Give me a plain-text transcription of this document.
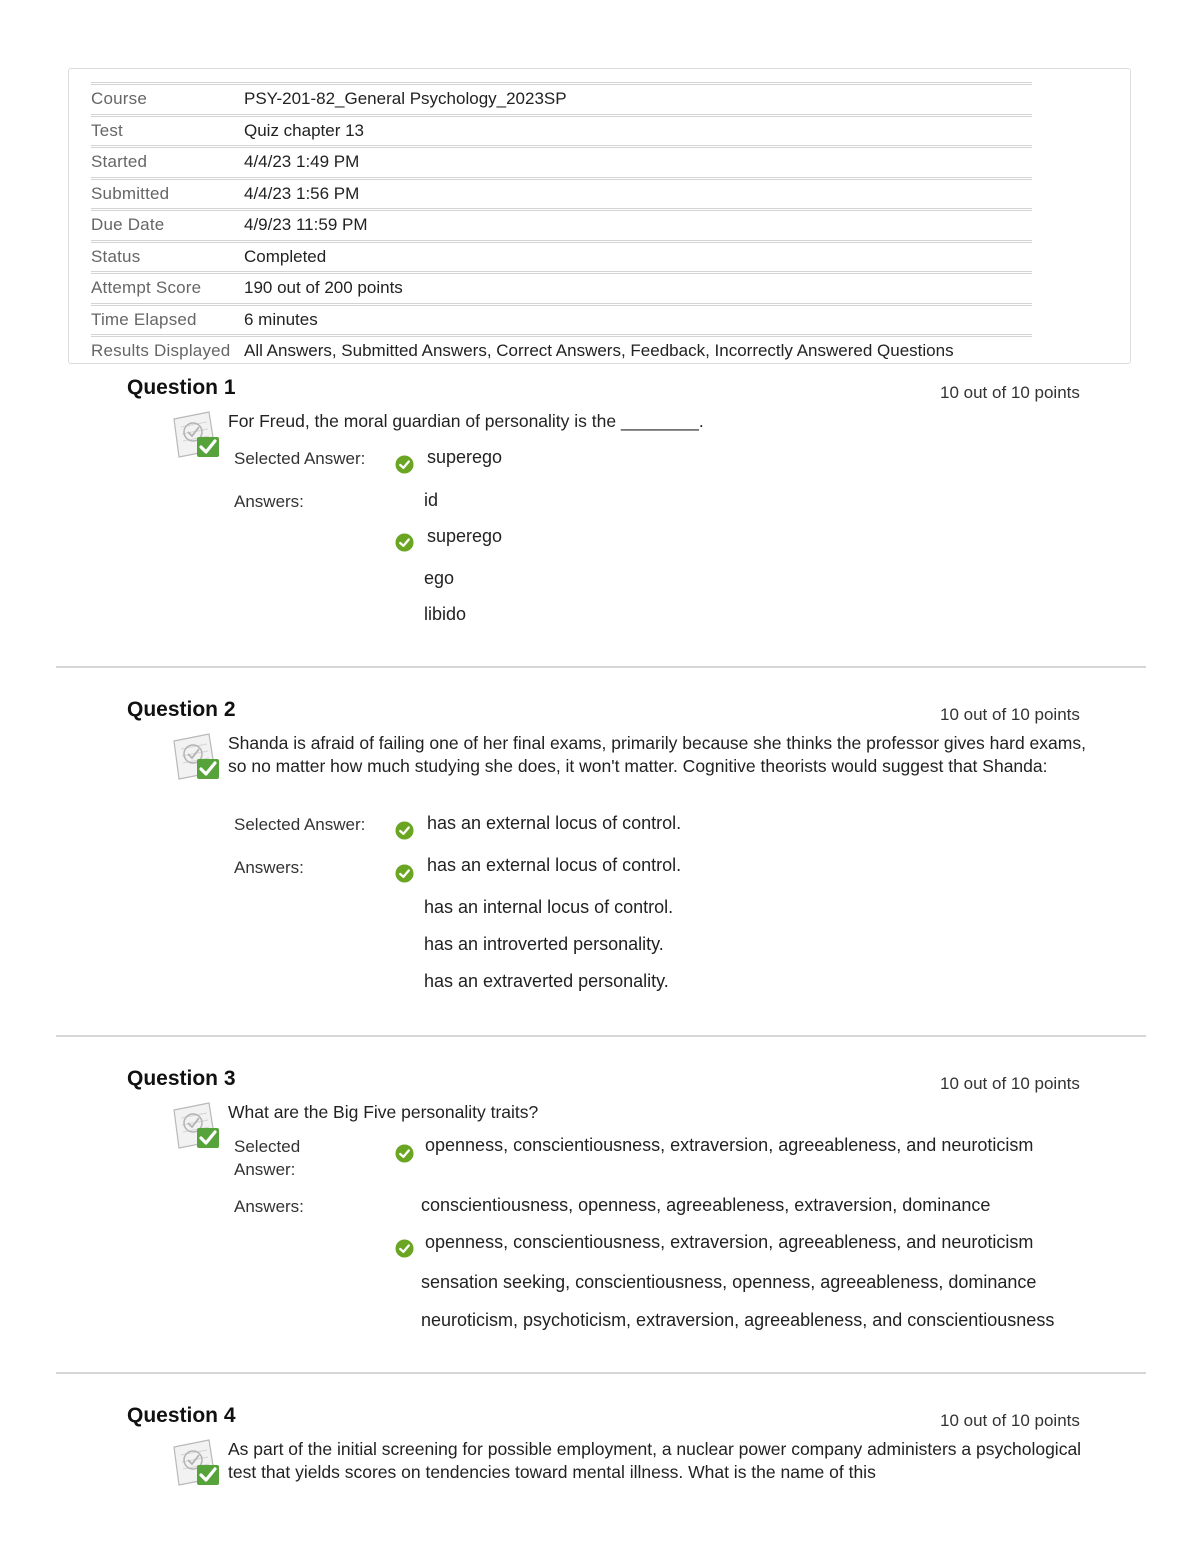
Course	PSY-201-82_General Psychology_2023SP
Test	Quiz chapter 13
Started	4/4/23 1:49 PM
Submitted	4/4/23 1:56 PM
Due Date	4/9/23 11:59 PM
Status	Completed
Attempt Score	190 out of 200 points
Time Elapsed	6 minutes
Results Displayed	All Answers, Submitted Answers, Correct Answers, Feedback, Incorrectly Answered Questions
Question 1	10 out of 10 points
For Freud, the moral guardian of personality is the ________.
Selected Answer:	superego
Answers:	id
superego
ego
libido
Question 2	10 out of 10 points
Shanda is afraid of failing one of her final exams, primarily because she thinks the professor gives hard exams, so no matter how much studying she does, it won't matter. Cognitive theorists would suggest that Shanda:
Selected Answer:	has an external locus of control.
Answers:	has an external locus of control.
has an internal locus of control.
has an introverted personality.
has an extraverted personality.
Question 3	10 out of 10 points
What are the Big Five personality traits?
Selected
Answer:
openness, conscientiousness, extraversion, agreeableness, and neuroticism
Answers:	conscientiousness, openness, agreeableness, extraversion, dominance
openness, conscientiousness, extraversion, agreeableness, and neuroticism
sensation seeking, conscientiousness, openness, agreeableness, dominance
neuroticism, psychoticism, extraversion, agreeableness, and conscientiousness
Question 4	10 out of 10 points
As part of the initial screening for possible employment, a nuclear power company administers a psychological test that yields scores on tendencies toward mental illness. What is the name of this
